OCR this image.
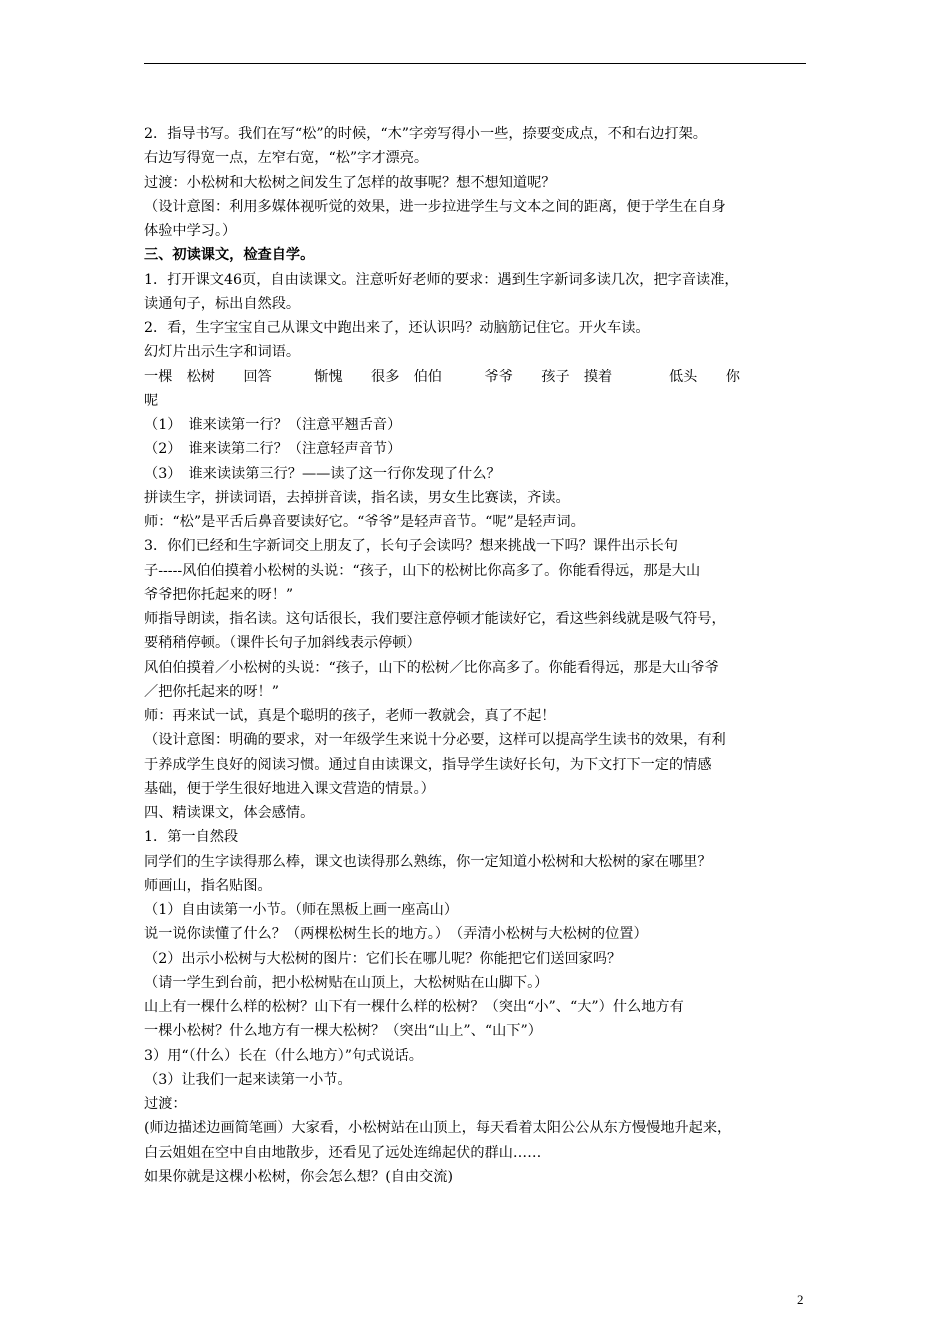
2．指导书写。我们在写“松”的时候，“木”字旁写得小一些，捺要变成点，不和右边打架。
右边写得宽一点，左窄右宽，“松”字才漂亮。
过渡：小松树和大松树之间发生了怎样的故事呢？想不想知道呢？
（设计意图：利用多媒体视听觉的效果，进一步拉进学生与文本之间的距离，便于学生在自身
体验中学习。）
三、初读课文，检查自学。
1．打开课文46页，自由读课文。注意听好老师的要求：遇到生字新词多读几次，把字音读准，
读通句子，标出自然段。
2．看，生字宝宝自己从课文中跑出来了，还认识吗？动脑筋记住它。开火车读。
幻灯片出示生字和词语。
一棵　松树　　回答　　　惭愧　　很多　伯伯　　　爷爷　　孩子　摸着　　　　低头　　你
呢
（1）　谁来读第一行？（注意平翘舌音）
（2）　谁来读第二行？（注意轻声音节）
（3）　谁来读读第三行？——读了这一行你发现了什么？
拼读生字，拼读词语，去掉拼音读，指名读，男女生比赛读，齐读。
师：“松”是平舌后鼻音要读好它。“爷爷”是轻声音节。“呢”是轻声词。
3．你们已经和生字新词交上朋友了，长句子会读吗？想来挑战一下吗？课件出示长句
子-----风伯伯摸着小松树的头说：“孩子，山下的松树比你高多了。你能看得远，那是大山
爷爷把你托起来的呀！”
师指导朗读，指名读。这句话很长，我们要注意停顿才能读好它，看这些斜线就是吸气符号，
要稍稍停顿。（课件长句子加斜线表示停顿）
风伯伯摸着／小松树的头说：“孩子，山下的松树／比你高多了。你能看得远，那是大山爷爷
／把你托起来的呀！”
师：再来试一试，真是个聪明的孩子，老师一教就会，真了不起！
（设计意图：明确的要求，对一年级学生来说十分必要，这样可以提高学生读书的效果，有利
于养成学生良好的阅读习惯。通过自由读课文，指导学生读好长句，为下文打下一定的情感
基础，便于学生很好地进入课文营造的情景。）
四、精读课文，体会感情。
1．第一自然段
同学们的生字读得那么棒，课文也读得那么熟练，你一定知道小松树和大松树的家在哪里？
师画山，指名贴图。
（1）自由读第一小节。（师在黑板上画一座高山）
说一说你读懂了什么？（两棵松树生长的地方。）　（弄清小松树与大松树的位置）
（2）出示小松树与大松树的图片：它们长在哪儿呢？你能把它们送回家吗？
（请一学生到台前，把小松树贴在山顶上，大松树贴在山脚下。）
山上有一棵什么样的松树？山下有一棵什么样的松树？（突出“小”、“大”）什么地方有
一棵小松树？什么地方有一棵大松树？（突出“山上”、“山下”）
3）用“（什么）长在（什么地方）”句式说话。
（3）让我们一起来读第一小节。
过渡：
(师边描述边画简笔画）大家看，小松树站在山顶上，每天看着太阳公公从东方慢慢地升起来，
白云姐姐在空中自由地散步，还看见了远处连绵起伏的群山……
如果你就是这棵小松树，你会怎么想？(自由交流)
2
